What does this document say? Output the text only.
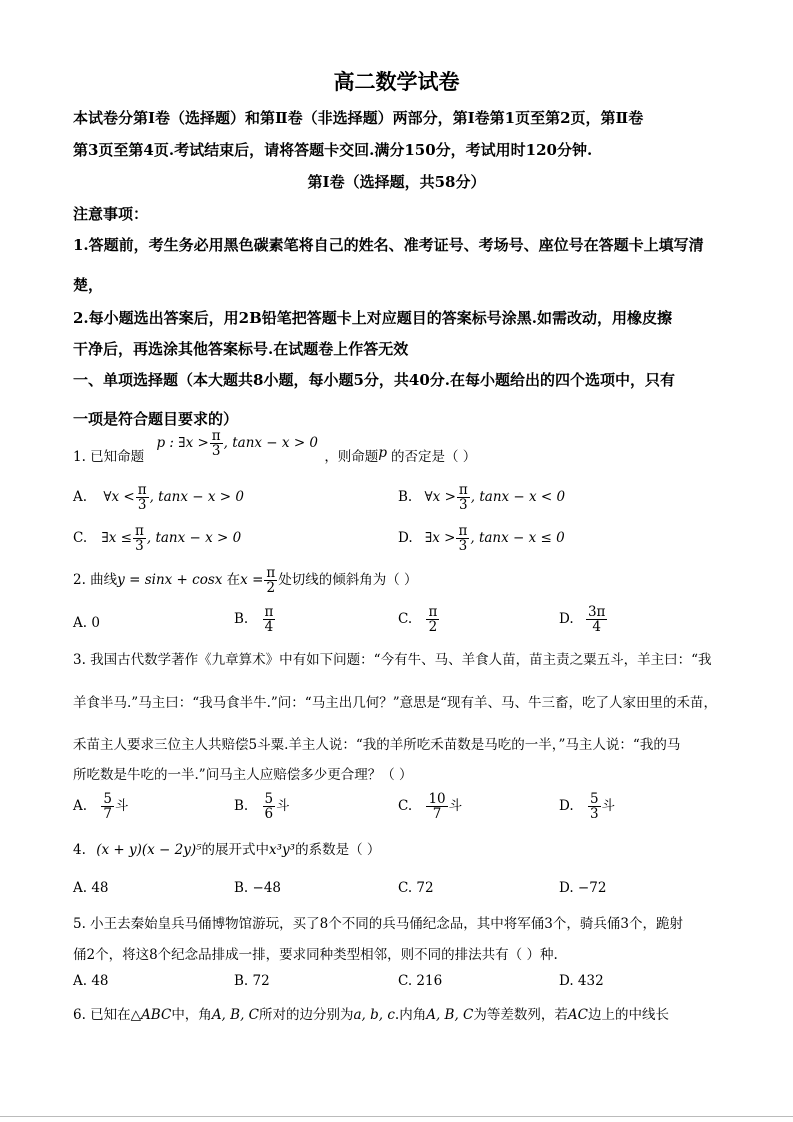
高二数学试卷
本试卷分第Ⅰ卷（选择题）和第Ⅱ卷（非选择题）两部分，第Ⅰ卷第1页至第2页，第Ⅱ卷
第3页至第4页.考试结束后，请将答题卡交回.满分150分，考试用时120分钟.
第Ⅰ卷（选择题，共58分）
注意事项：
1.答题前，考生务必用黑色碳素笔将自己的姓名、准考证号、考场号、座位号在答题卡上填写清
楚，
2.每小题选出答案后，用2B铅笔把答题卡上对应题目的答案标号涂黑.如需改动，用橡皮擦
干净后，再选涂其他答案标号.在试题卷上作答无效
一、单项选择题（本大题共8小题，每小题5分，共40分.在每小题给出的四个选项中，只有
一项是符合题目要求的）
1. 已知命题 p : ∃x > $\frac{\pi}{3}$ , tanx − x > 0 ，则命题p 的否定是（ ）
A. ∀x < $\frac{\pi}{3}$ , tanx − x > 0	B. ∀x > $\frac{\pi}{3}$ , tanx − x < 0
C. ∃x ≤ $\frac{\pi}{3}$ , tanx − x > 0	D. ∃x > $\frac{\pi}{3}$ , tanx − x ≤ 0
2. 曲线y = sinx + cosx 在$x = \frac{\pi}{2}$ 处切线的倾斜角为（ ）
A. 0	B. $\frac{\pi}{4}$	C. $\frac{\pi}{2}$	D. $\frac{3\pi}{4}$
3. 我国古代数学著作《九章算术》中有如下问题：“今有牛、马、羊食人苗，苗主责之粟五斗，羊主曰：“我
羊食半马.”马主曰：“我马食半牛.”问：“马主出几何？”意思是“现有羊、马、牛三畜，吃了人家田里的禾苗，
禾苗主人要求三位主人共赔偿5斗粟.羊主人说：“我的羊所吃禾苗数是马吃的一半，”马主人说：“我的马
所吃数是牛吃的一半.”问马主人应赔偿多少更合理？（ ）
A. $\frac{5}{7}$ 斗	B. $\frac{5}{6}$ 斗	C. $\frac{10}{7}$ 斗	D. $\frac{5}{3}$ 斗
4. (x + y)(x − 2y)⁵的展开式中x³y³的系数是（ ）
A. 48	B. −48	C. 72	D. −72
5. 小王去秦始皇兵马俑博物馆游玩，买了8个不同的兵马俑纪念品，其中将军俑3个，骑兵俑3个，跪射
俑2个，将这8个纪念品排成一排，要求同种类型相邻，则不同的排法共有（ ）种.
A. 48	B. 72	C. 216	D. 432
6. 已知在△ABC中，角A, B, C所对的边分别为a, b, c.内角A, B, C为等差数列，若AC边上的中线长
